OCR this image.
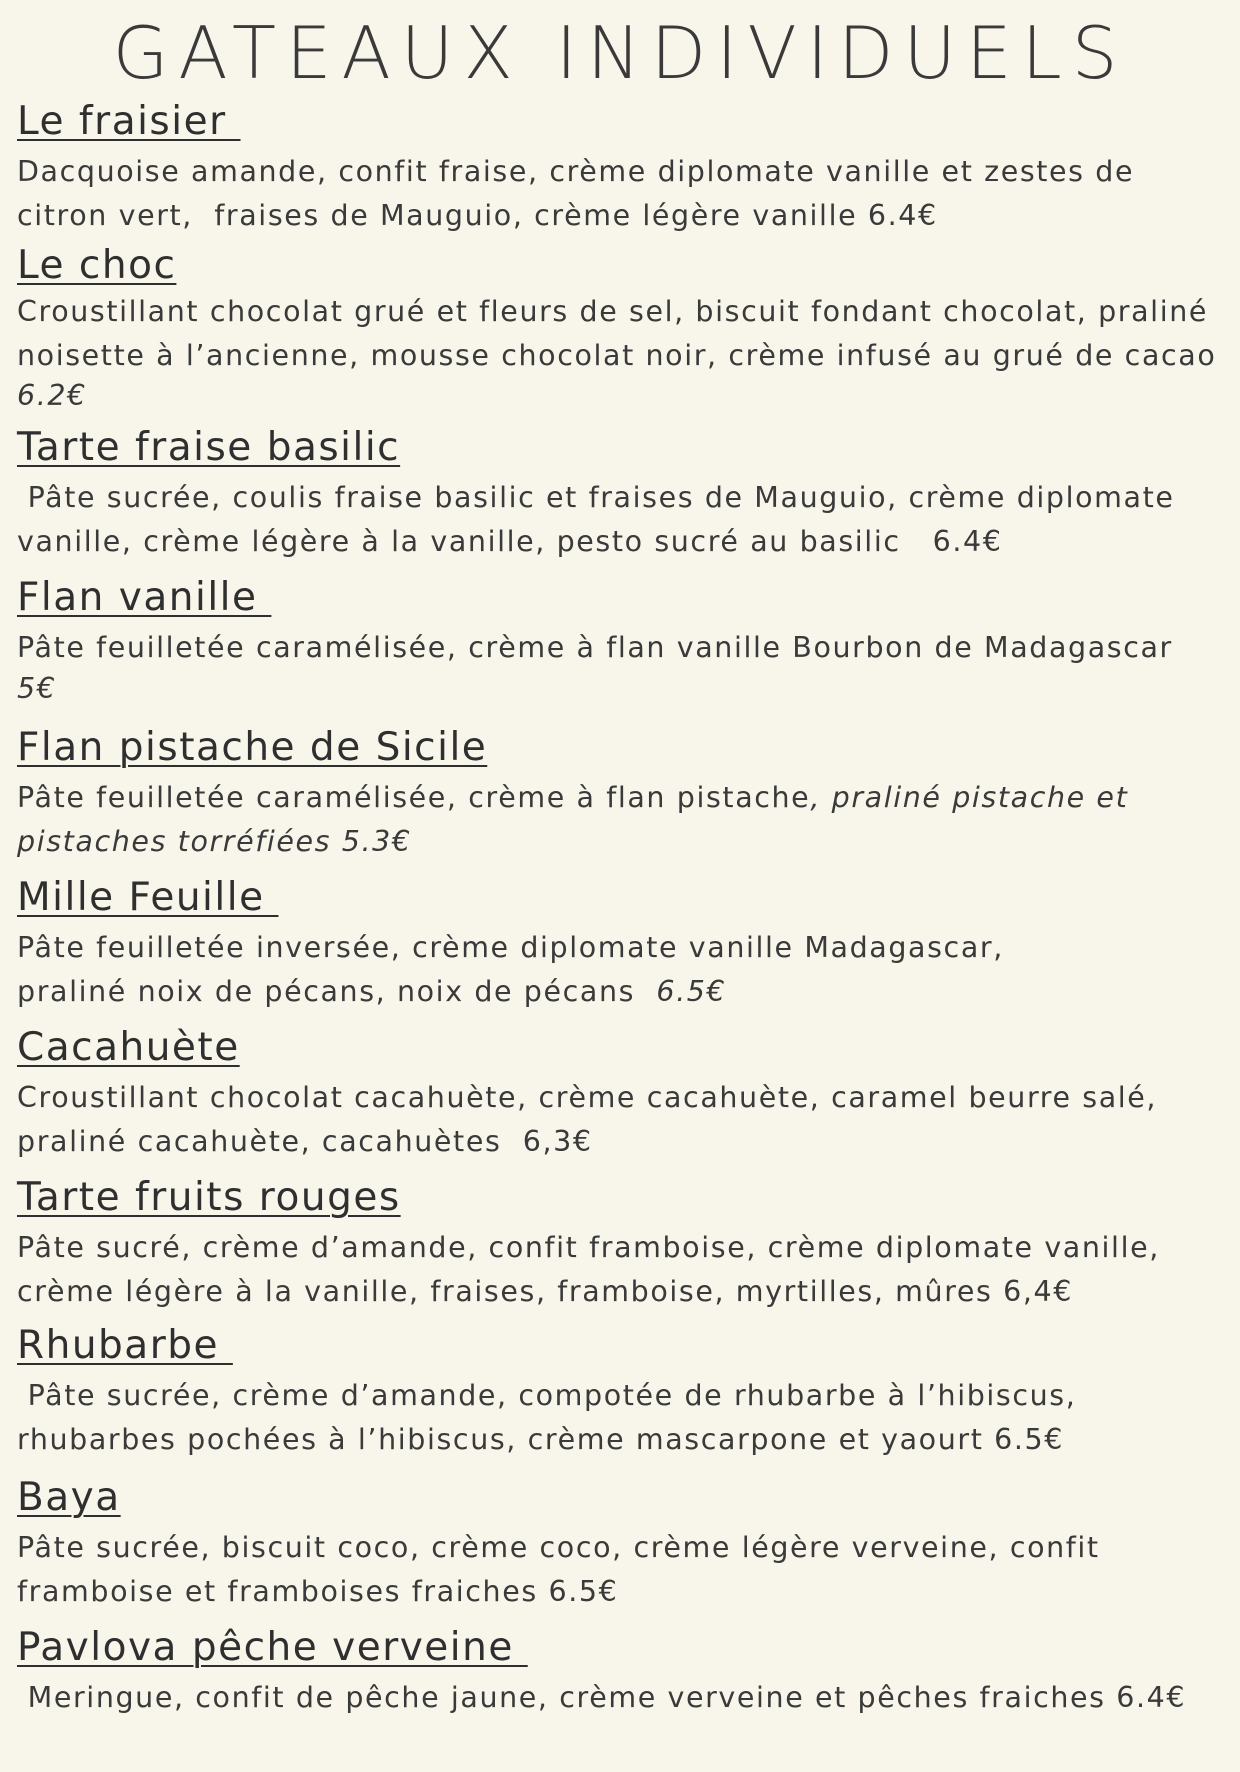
GATEAUX INDIVIDUELS
Le fraisier
Dacquoise amande, confit fraise, crème diplomate vanille et zestes de
citron vert,  fraises de Mauguio, crème légère vanille 6.4€
Le choc
Croustillant chocolat grué et fleurs de sel, biscuit fondant chocolat, praliné
noisette à l’ancienne, mousse chocolat noir, crème infusé au grué de cacao
6.2€
Tarte fraise basilic
Pâte sucrée, coulis fraise basilic et fraises de Mauguio, crème diplomate
vanille, crème légère à la vanille, pesto sucré au basilic   6.4€
Flan vanille
Pâte feuilletée caramélisée, crème à flan vanille Bourbon de Madagascar
5€
Flan pistache de Sicile
Pâte feuilletée caramélisée, crème à flan pistache, praliné pistache et
pistaches torréfiées 5.3€
Mille Feuille
Pâte feuilletée inversée, crème diplomate vanille Madagascar,
praliné noix de pécans, noix de pécans  6.5€
Cacahuète
Croustillant chocolat cacahuète, crème cacahuète, caramel beurre salé,
praliné cacahuète, cacahuètes  6,3€
Tarte fruits rouges
Pâte sucré, crème d’amande, confit framboise, crème diplomate vanille,
crème légère à la vanille, fraises, framboise, myrtilles, mûres 6,4€
Rhubarbe
Pâte sucrée, crème d’amande, compotée de rhubarbe à l’hibiscus,
rhubarbes pochées à l’hibiscus, crème mascarpone et yaourt 6.5€
Baya
Pâte sucrée, biscuit coco, crème coco, crème légère verveine, confit
framboise et framboises fraiches 6.5€
Pavlova pêche verveine
Meringue, confit de pêche jaune, crème verveine et pêches fraiches 6.4€
